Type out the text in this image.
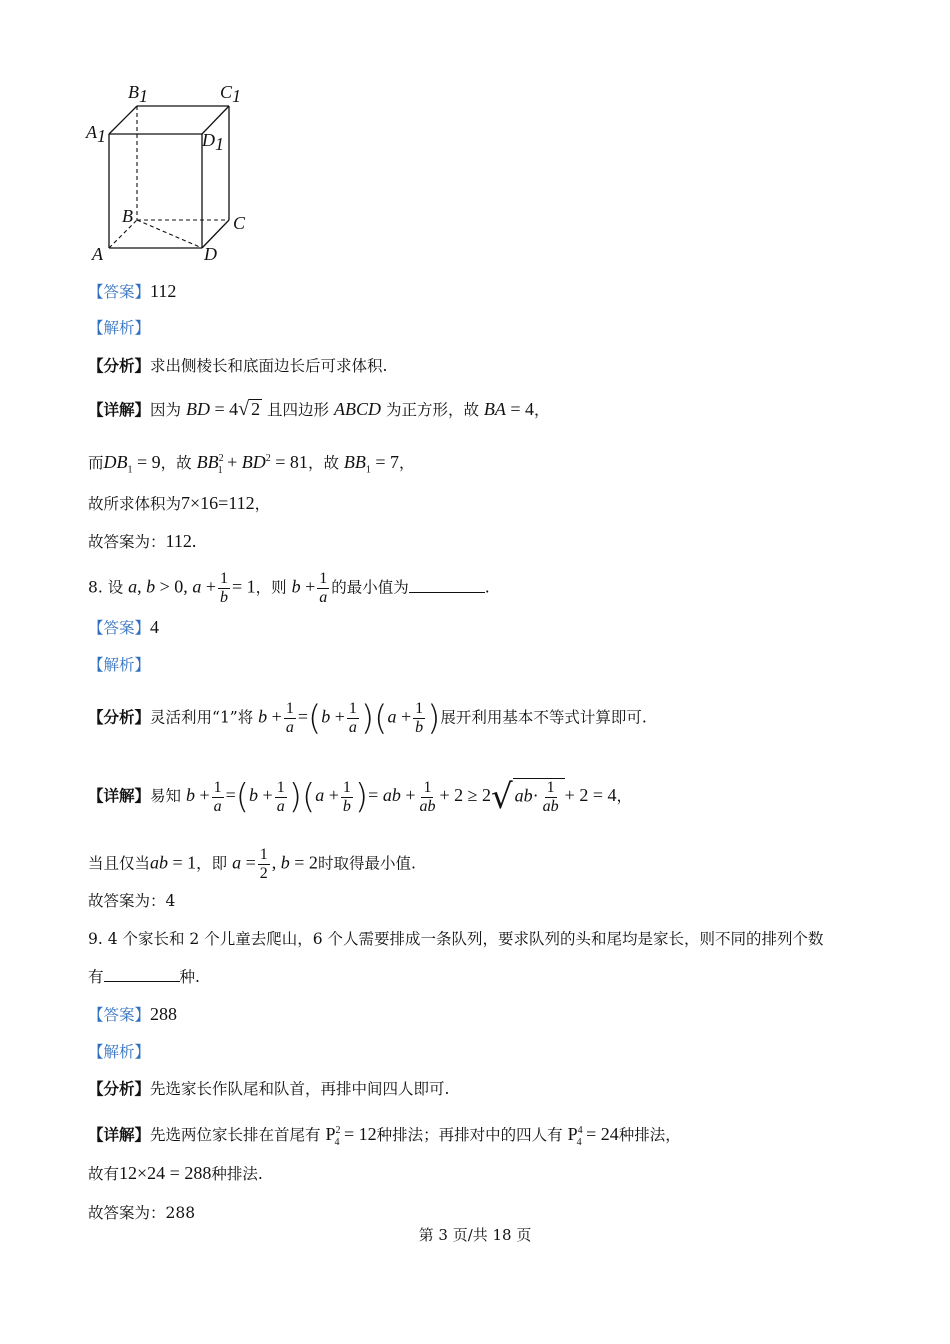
B1	C1
A1	D1
B	C
A	D
【答案】112
【解析】
【分析】求出侧棱长和底面边长后可求体积.
【详解】因为 BD = 4√ 2 且四边形 ABCD 为正方形，故 BA = 4，
而$DB_1 = 9$，故 $BB^2_1 + BD^2 = 81$，故 $BB_1 = 7$，
故所求体积为7×16=112，
故答案为：112.
8. 设 a, b > 0, $a + \frac{1}{b} = 1$，则 $b + \frac{1}{a}$ 的最小值为	.
【答案】4
【解析】
【分析】灵活利用“1”将 $b + \frac{1}{a} =(b + \frac{1}{a} )(a + \frac{1}{b}$ )展开利用基本不等式计算即可.
【详解】易知 $b + \frac{1}{a} =(b + \frac{1}{a} )(a + \frac{1}{b}$ )= ab + $\frac{1}{ab} + 2 \ge 2√$ $ab\cdot \frac{1}{ab} + 2 = 4$，
当且仅当ab = 1，即 $a = \frac{1}{2}$ , b = 2时取得最小值.
故答案为：4
9. 4 个家长和 2 个儿童去爬山，6 个人需要排成一条队列，要求队列的头和尾均是家长，则不同的排列个数
有	种.
【答案】288
【解析】
【分析】先选家长作队尾和队首，再排中间四人即可.
【详解】先选两位家长排在首尾有 $P^2_4 = 12$种排法；再排对中的四人有 $P^4_4 = 24$种排法，
故有12×24 = 288种排法.
故答案为：288
第 3 页/共 18 页
